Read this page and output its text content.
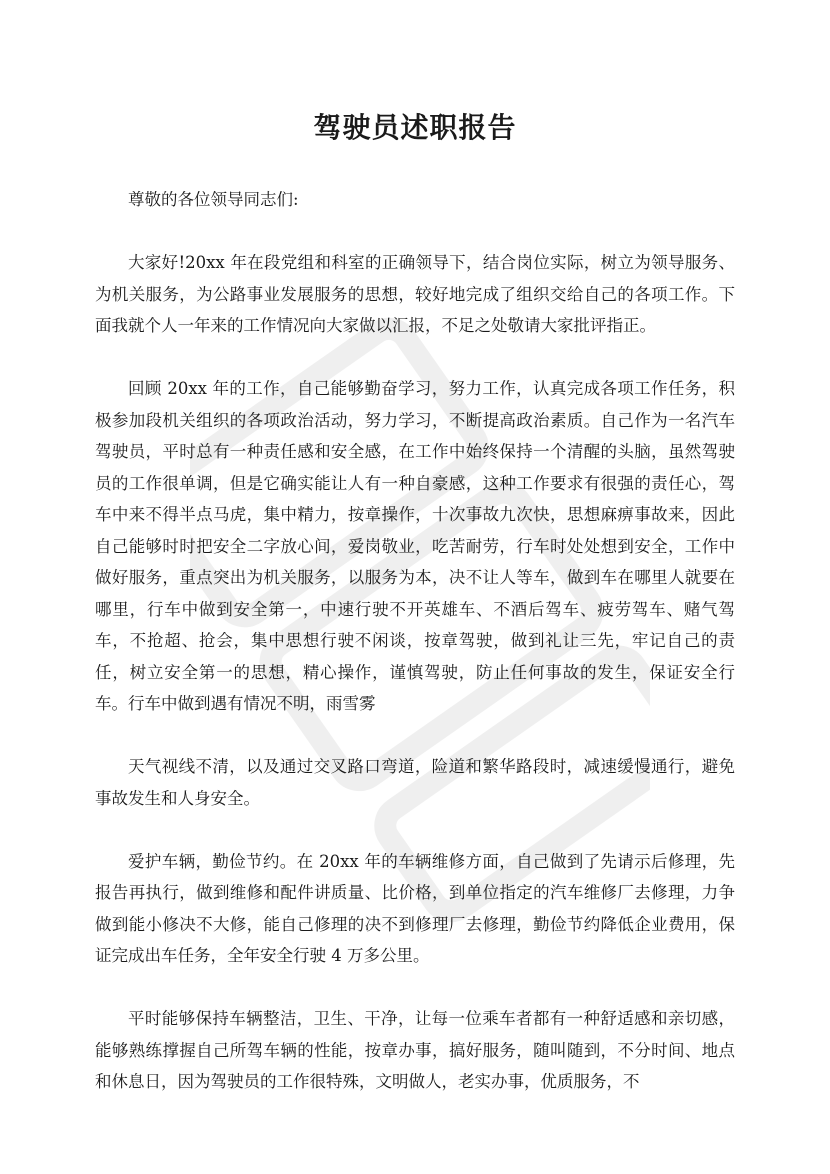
驾驶员述职报告

尊敬的各位领导同志们:

大家好!20xx 年在段党组和科室的正确领导下，结合岗位实际，树立为领导服务、为机关服务，为公路事业发展服务的思想，较好地完成了组织交给自己的各项工作。下面我就个人一年来的工作情况向大家做以汇报，不足之处敬请大家批评指正。

回顾 20xx 年的工作，自己能够勤奋学习，努力工作，认真完成各项工作任务，积极参加段机关组织的各项政治活动，努力学习，不断提高政治素质。自己作为一名汽车驾驶员，平时总有一种责任感和安全感，在工作中始终保持一个清醒的头脑，虽然驾驶员的工作很单调，但是它确实能让人有一种自豪感，这种工作要求有很强的责任心，驾车中来不得半点马虎，集中精力，按章操作，十次事故九次快，思想麻痹事故来，因此自己能够时时把安全二字放心间，爱岗敬业，吃苦耐劳，行车时处处想到安全，工作中做好服务，重点突出为机关服务，以服务为本，决不让人等车，做到车在哪里人就要在哪里，行车中做到安全第一，中速行驶不开英雄车、不酒后驾车、疲劳驾车、赌气驾车，不抢超、抢会，集中思想行驶不闲谈，按章驾驶，做到礼让三先，牢记自己的责任，树立安全第一的思想，精心操作，谨慎驾驶，防止任何事故的发生，保证安全行车。行车中做到遇有情况不明，雨雪雾

天气视线不清，以及通过交叉路口弯道，险道和繁华路段时，减速缓慢通行，避免事故发生和人身安全。

爱护车辆，勤俭节约。在 20xx 年的车辆维修方面，自己做到了先请示后修理，先报告再执行，做到维修和配件讲质量、比价格，到单位指定的汽车维修厂去修理，力争做到能小修决不大修，能自己修理的决不到修理厂去修理，勤俭节约降低企业费用，保证完成出车任务，全年安全行驶 4 万多公里。

平时能够保持车辆整洁，卫生、干净，让每一位乘车者都有一种舒适感和亲切感，能够熟练撑握自己所驾车辆的性能，按章办事，搞好服务，随叫随到，不分时间、地点和休息日，因为驾驶员的工作很特殊，文明做人，老实办事，优质服务，不
